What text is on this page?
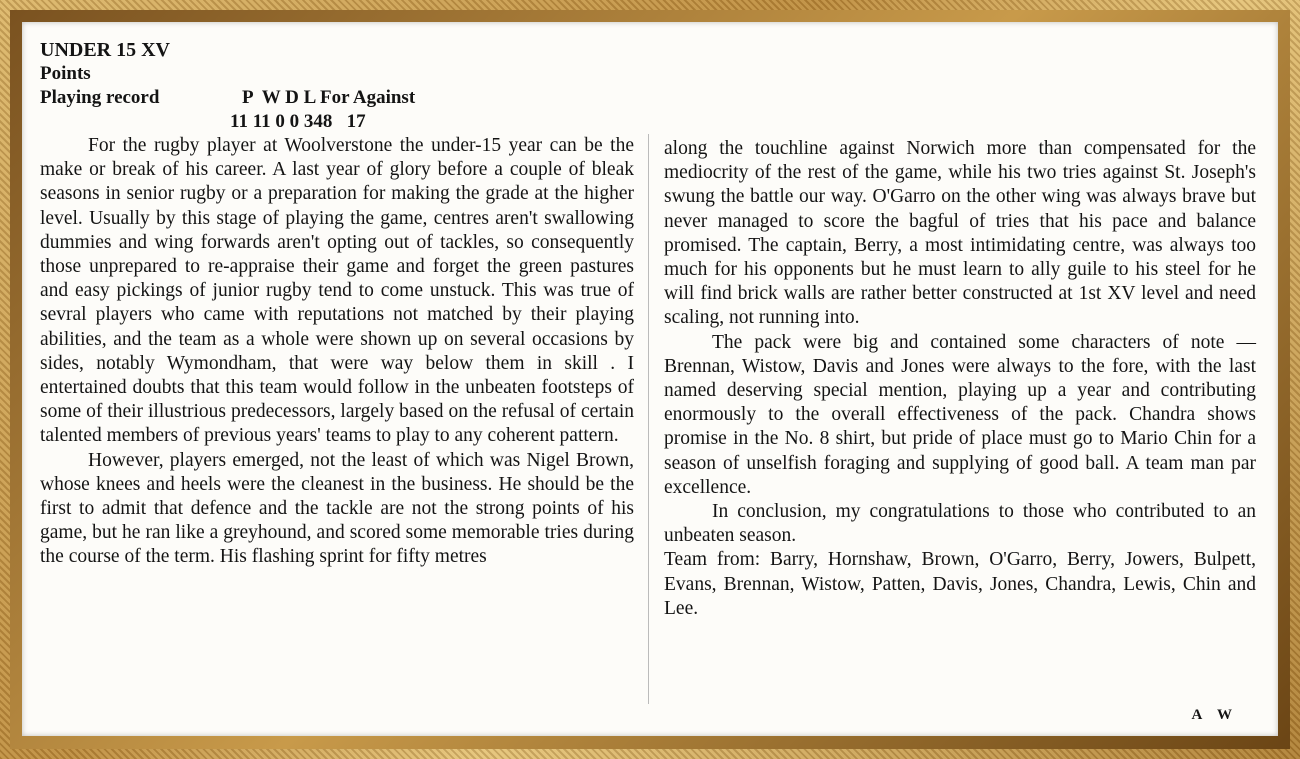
UNDER 15 XV
Points
Playing record	P  W D L For Against
11 11 0 0 348   17

For the rugby player at Woolverstone the under-15 year can be the make or break of his career. A last year of glory before a couple of bleak seasons in senior rugby or a preparation for making the grade at the higher level. Usually by this stage of playing the game, centres aren't swallowing dummies and wing forwards aren't opting out of tackles, so consequently those unprepared to re-appraise their game and forget the green pastures and easy pickings of junior rugby tend to come unstuck. This was true of sevral players who came with reputations not matched by their playing abilities, and the team as a whole were shown up on several occasions by sides, notably Wymondham, that were way below them in skill . I entertained doubts that this team would follow in the unbeaten footsteps of some of their illustrious predecessors, largely based on the refusal of certain talented members of previous years' teams to play to any coherent pattern.

However, players emerged, not the least of which was Nigel Brown, whose knees and heels were the cleanest in the business. He should be the first to admit that defence and the tackle are not the strong points of his game, but he ran like a greyhound, and scored some memorable tries during the course of the term. His flashing sprint for fifty metres

along the touchline against Norwich more than compensated for the mediocrity of the rest of the game, while his two tries against St. Joseph's swung the battle our way. O'Garro on the other wing was always brave but never managed to score the bagful of tries that his pace and balance promised. The captain, Berry, a most intimidating centre, was always too much for his opponents but he must learn to ally guile to his steel for he will find brick walls are rather better constructed at 1st XV level and need scaling, not running into.

The pack were big and contained some characters of note — Brennan, Wistow, Davis and Jones were always to the fore, with the last named deserving special mention, playing up a year and contributing enormously to the overall effectiveness of the pack. Chandra shows promise in the No. 8 shirt, but pride of place must go to Mario Chin for a season of unselfish foraging and supplying of good ball. A team man par excellence.

In conclusion, my congratulations to those who contributed to an unbeaten season.

Team from: Barry, Hornshaw, Brown, O'Garro, Berry, Jowers, Bulpett, Evans, Brennan, Wistow, Patten, Davis, Jones, Chandra, Lewis, Chin and Lee.

A W
